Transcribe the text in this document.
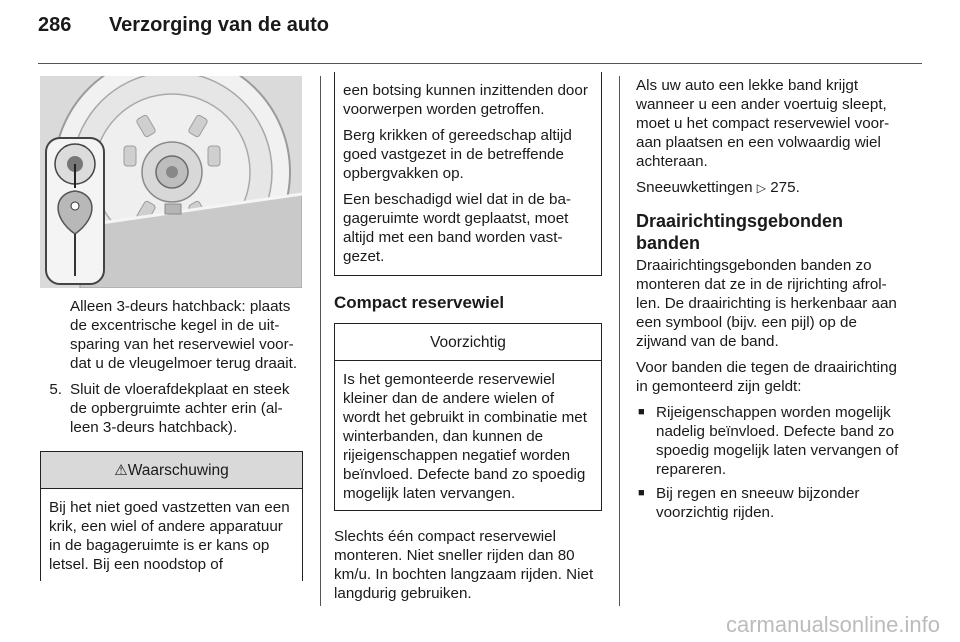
286 Verzorging van de auto
Alleen 3-deurs hatchback: plaats de excentrische kegel in de uitsparing van het reservewiel voordat u de vleugelmoer terug draait.
5. Sluit de vloerafdekplaat en steek de opbergruimte achter erin (alleen 3-deurs hatchback).
⚠Waarschuwing
Bij het niet goed vastzetten van een krik, een wiel of andere apparatuur in de bagageruimte is er kans op letsel. Bij een noodstop of

een botsing kunnen inzittenden door voorwerpen worden getroffen.

Berg krikken of gereedschap altijd goed vastgezet in de betreffende opbergvakken op.

Een beschadigd wiel dat in de bagageruimte wordt geplaatst, moet altijd met een band worden vastgezet.

Compact reservewiel
Voorzichtig
Is het gemonteerde reservewiel kleiner dan de andere wielen of wordt het gebruikt in combinatie met winterbanden, dan kunnen de rijeigenschappen negatief worden beïnvloed. Defecte band zo spoedig mogelijk laten vervangen.

Slechts één compact reservewiel monteren. Niet sneller rijden dan 80 km/u. In bochten langzaam rijden. Niet langdurig gebruiken.

Als uw auto een lekke band krijgt wanneer u een ander voertuig sleept, moet u het compact reservewiel vooraan plaatsen en een volwaardig wiel achteraan.

Sneeuwkettingen ▷ 275.

Draairichtingsgebonden banden

Draairichtingsgebonden banden zo monteren dat ze in de rijrichting afrollen. De draairichting is herkenbaar aan een symbool (bijv. een pijl) op de zijwand van de band.

Voor banden die tegen de draairichting in gemonteerd zijn geldt:

■ Rijeigenschappen worden mogelijk nadelig beïnvloed. Defecte band zo spoedig mogelijk laten vervangen of repareren.
■ Bij regen en sneeuw bijzonder voorzichtig rijden.
carmanualsonline.info
